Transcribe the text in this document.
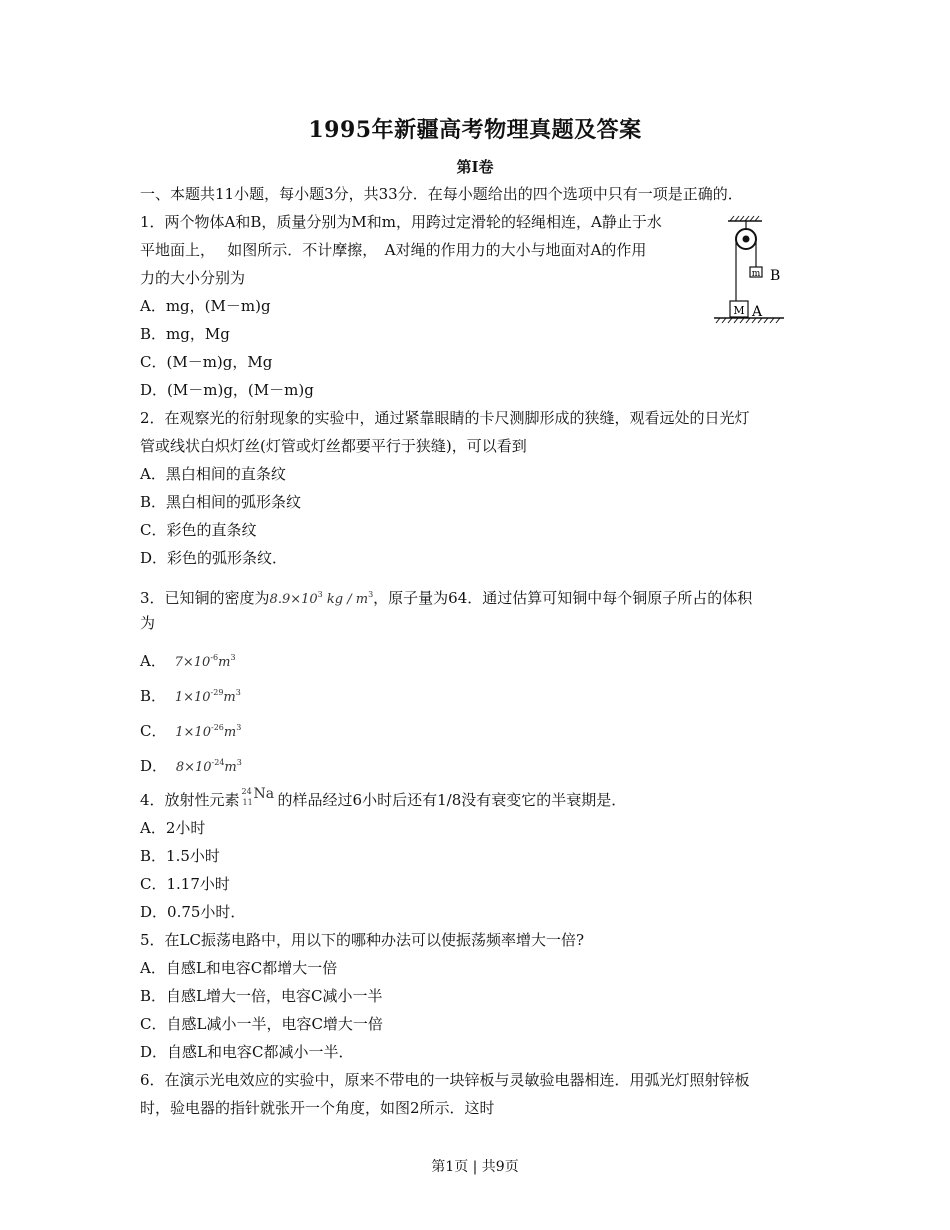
1995年新疆高考物理真题及答案
第Ⅰ卷
一、本题共11小题，每小题3分，共33分．在每小题给出的四个选项中只有一项是正确的．
1．两个物体A和B，质量分别为M和m，用跨过定滑轮的轻绳相连，A静止于水
平地面上，　 如图所示．不计摩擦，　A对绳的作用力的大小与地面对A的作用
力的大小分别为
A．mg，(M－m)g
B．mg，Mg
C．(M－m)g，Mg
D．(M－m)g，(M－m)g
m B
M A
2．在观察光的衍射现象的实验中，通过紧靠眼睛的卡尺测脚形成的狭缝，观看远处的日光灯
管或线状白炽灯丝(灯管或灯丝都要平行于狭缝)，可以看到
A．黑白相间的直条纹
B．黑白相间的弧形条纹
C．彩色的直条纹
D．彩色的弧形条纹．
3．已知铜的密度为$8.9\times 10^3$ kg / $m^3$，原子量为64．通过估算可知铜中每个铜原子所占的体积
为
A． $7\times 10^{-6}m^3$
B． $1\times 10^{-29}m^3$
C． $1\times 10^{-26}m^3$
D． $8\times 10^{-24}m^3$
4．放射性元素 24
11
Na 的样品经过6小时后还有1/8没有衰变它的半衰期是．
A．2小时
B．1.5小时
C．1.17小时
D．0.75小时．
5．在LC振荡电路中，用以下的哪种办法可以使振荡频率增大一倍?
A．自感L和电容C都增大一倍
B．自感L增大一倍，电容C减小一半
C．自感L减小一半，电容C增大一倍
D．自感L和电容C都减小一半．
6．在演示光电效应的实验中，原来不带电的一块锌板与灵敏验电器相连．用弧光灯照射锌板
时，验电器的指针就张开一个角度，如图2所示．这时
第1页 | 共9页
